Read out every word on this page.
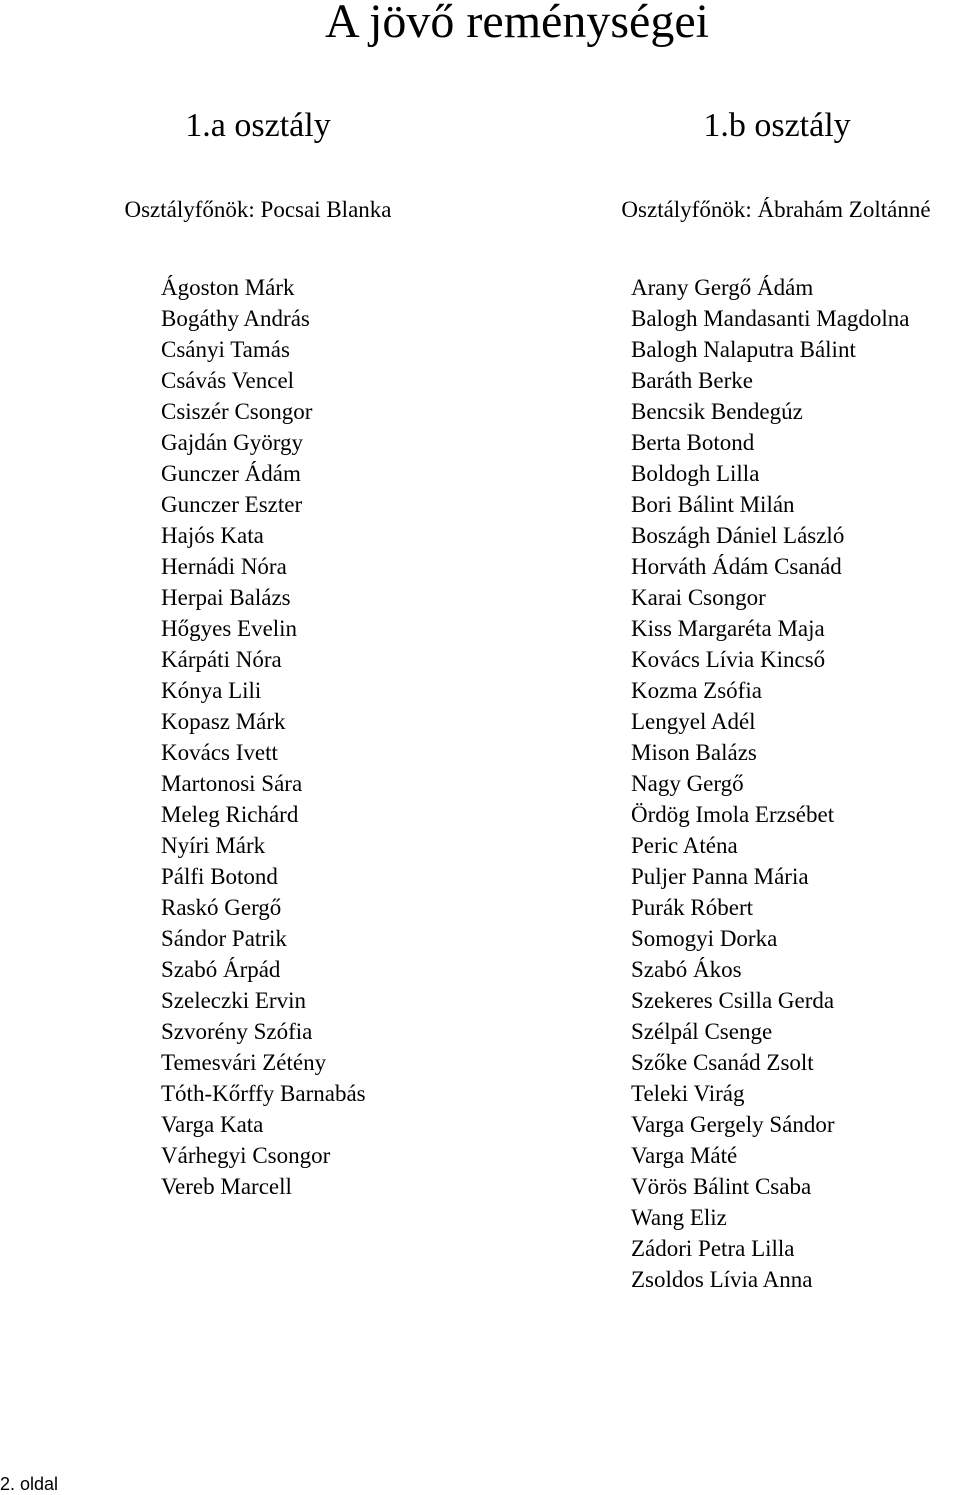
A jövő reménységei
1.a osztály	1.b osztály

Osztályfőnök: Pocsai Blanka	Osztályfőnök: Ábrahám Zoltánné

Ágoston Márk
Bogáthy András
Csányi Tamás
Csávás Vencel
Csiszér Csongor
Gajdán György
Gunczer Ádám
Gunczer Eszter
Hajós Kata
Hernádi Nóra
Herpai Balázs
Hőgyes Evelin
Kárpáti Nóra
Kónya Lili
Kopasz Márk
Kovács Ivett
Martonosi Sára
Meleg Richárd
Nyíri Márk
Pálfi Botond
Raskó Gergő
Sándor Patrik
Szabó Árpád
Szeleczki Ervin
Szvorény Szófia
Temesvári Zétény
Tóth-Kőrffy Barnabás
Varga Kata
Várhegyi Csongor
Vereb Marcell
Arany Gergő Ádám
Balogh Mandasanti Magdolna
Balogh Nalaputra Bálint
Baráth Berke
Bencsik Bendegúz
Berta Botond
Boldogh Lilla
Bori Bálint Milán
Boszágh Dániel László
Horváth Ádám Csanád
Karai Csongor
Kiss Margaréta Maja
Kovács Lívia Kincső
Kozma Zsófia
Lengyel Adél
Mison Balázs
Nagy Gergő
Ördög Imola Erzsébet
Peric Aténa
Puljer Panna Mária
Purák Róbert
Somogyi Dorka
Szabó Ákos
Szekeres Csilla Gerda
Szélpál Csenge
Szőke Csanád Zsolt
Teleki Virág
Varga Gergely Sándor
Varga Máté
Vörös Bálint Csaba
Wang Eliz
Zádori Petra Lilla
Zsoldos Lívia Anna
2. oldal
